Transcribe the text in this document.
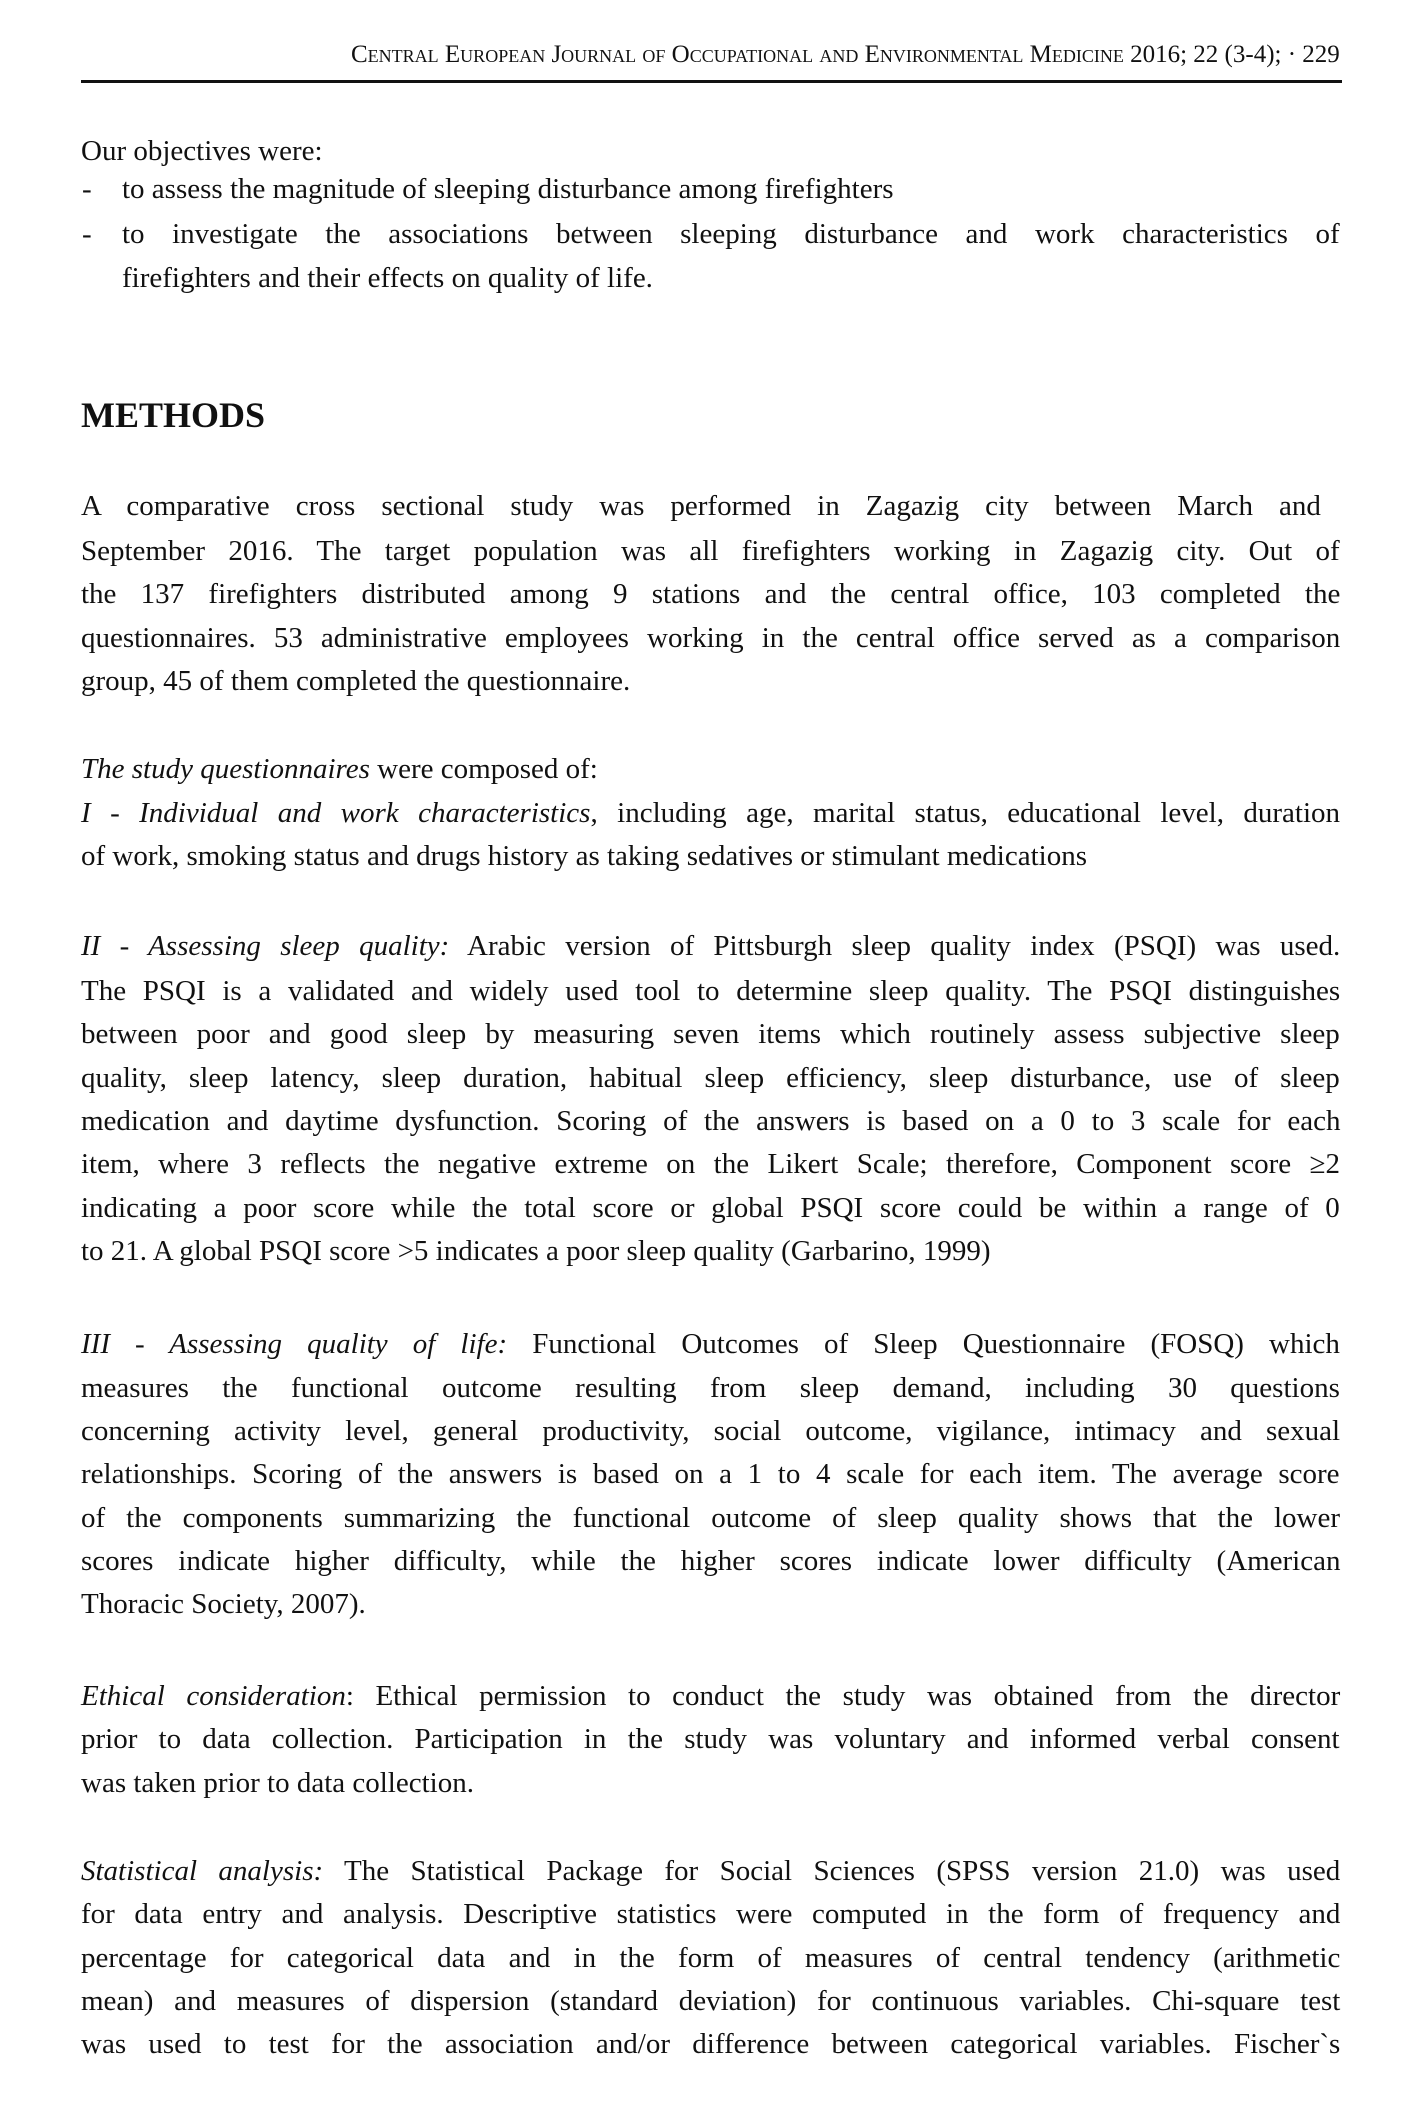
Central European Journal of Occupational and Environmental Medicine 2016; 22 (3-4); · 229
Our objectives were:
- to assess the magnitude of sleeping disturbance among firefighters
- to investigate the associations between sleeping disturbance and work characteristics of
firefighters and their effects on quality of life.
METHODS
A comparative cross sectional study was performed in Zagazig city between March and
September 2016. The target population was all firefighters working in Zagazig city. Out of
the 137 firefighters distributed among 9 stations and the central office, 103 completed the
questionnaires. 53 administrative employees working in the central office served as a comparison
group, 45 of them completed the questionnaire.
The study questionnaires were composed of:
I - Individual and work characteristics, including age, marital status, educational level, duration
of work, smoking status and drugs history as taking sedatives or stimulant medications
II - Assessing sleep quality: Arabic version of Pittsburgh sleep quality index (PSQI) was used.
The PSQI is a validated and widely used tool to determine sleep quality. The PSQI distinguishes
between poor and good sleep by measuring seven items which routinely assess subjective sleep
quality, sleep latency, sleep duration, habitual sleep efficiency, sleep disturbance, use of sleep
medication and daytime dysfunction. Scoring of the answers is based on a 0 to 3 scale for each
item, where 3 reflects the negative extreme on the Likert Scale; therefore, Component score ≥2
indicating a poor score while the total score or global PSQI score could be within a range of 0
to 21. A global PSQI score >5 indicates a poor sleep quality (Garbarino, 1999)
III - Assessing quality of life: Functional Outcomes of Sleep Questionnaire (FOSQ) which
measures the functional outcome resulting from sleep demand, including 30 questions
concerning activity level, general productivity, social outcome, vigilance, intimacy and sexual
relationships. Scoring of the answers is based on a 1 to 4 scale for each item. The average score
of the components summarizing the functional outcome of sleep quality shows that the lower
scores indicate higher difficulty, while the higher scores indicate lower difficulty (American
Thoracic Society, 2007).
Ethical consideration: Ethical permission to conduct the study was obtained from the director
prior to data collection. Participation in the study was voluntary and informed verbal consent
was taken prior to data collection.
Statistical analysis: The Statistical Package for Social Sciences (SPSS version 21.0) was used
for data entry and analysis. Descriptive statistics were computed in the form of frequency and
percentage for categorical data and in the form of measures of central tendency (arithmetic
mean) and measures of dispersion (standard deviation) for continuous variables. Chi-square test
was used to test for the association and/or difference between categorical variables. Fischer`s
